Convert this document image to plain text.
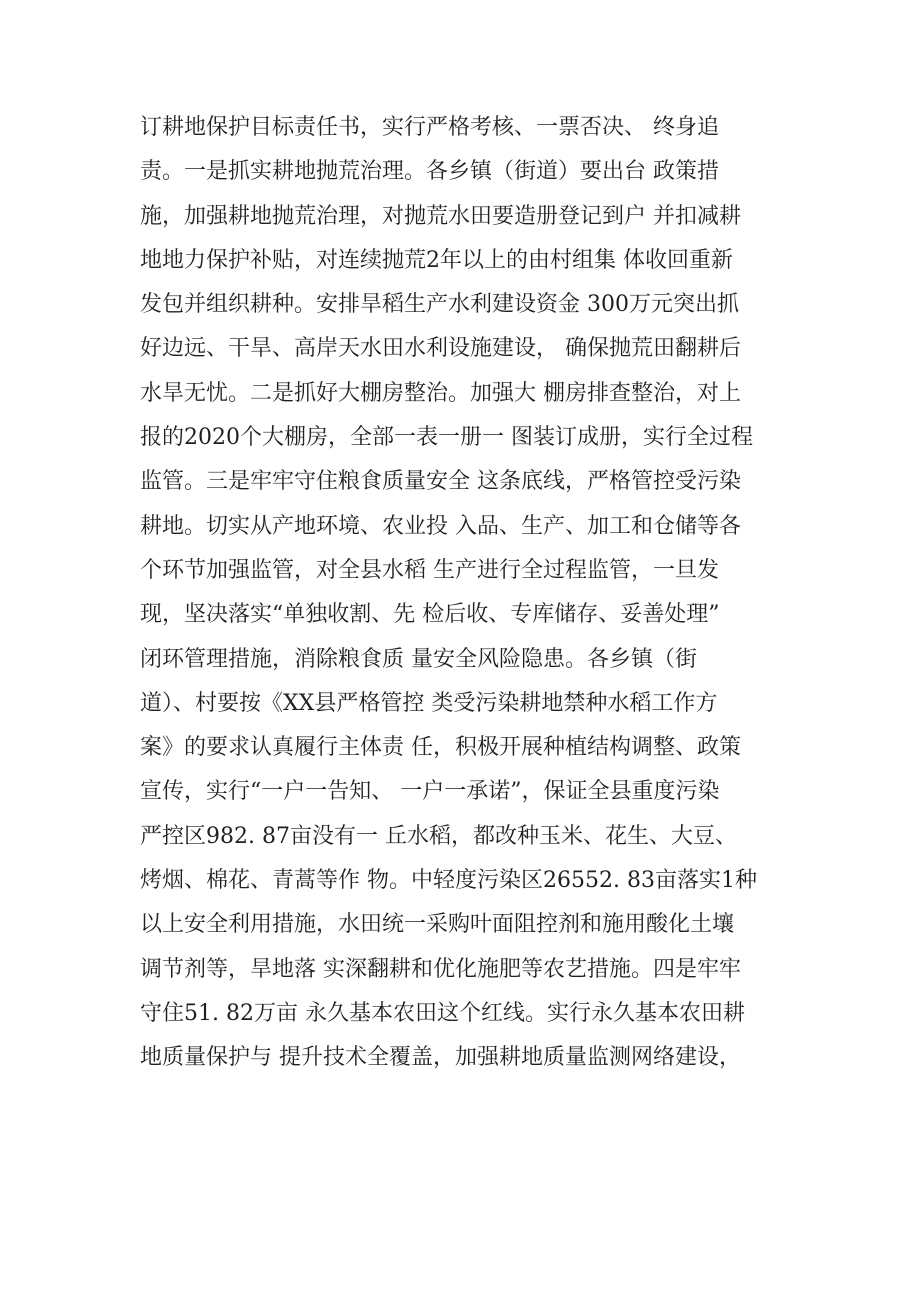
订耕地保护目标责任书，实行严格考核、一票否决、 终身追
责。一是抓实耕地抛荒治理。各乡镇（街道）要出台 政策措
施，加强耕地抛荒治理，对抛荒水田要造册登记到户 并扣减耕
地地力保护补贴，对连续抛荒2年以上的由村组集 体收回重新
发包并组织耕种。安排旱稻生产水利建设资金 300万元突出抓
好边远、干旱、高岸天水田水利设施建设， 确保抛荒田翻耕后
水旱无忧。二是抓好大棚房整治。加强大 棚房排查整治，对上
报的2020个大棚房，全部一表一册一 图装订成册，实行全过程
监管。三是牢牢守住粮食质量安全 这条底线，严格管控受污染
耕地。切实从产地环境、农业投 入品、生产、加工和仓储等各
个环节加强监管，对全县水稻 生产进行全过程监管，一旦发
现，坚决落实“单独收割、先 检后收、专库储存、妥善处理”
闭环管理措施，消除粮食质 量安全风险隐患。各乡镇（街
道）、村要按《XX县严格管控 类受污染耕地禁种水稻工作方
案》的要求认真履行主体责 任，积极开展种植结构调整、政策
宣传，实行“一户一告知、 一户一承诺”，保证全县重度污染
严控区982. 87亩没有一 丘水稻，都改种玉米、花生、大豆、
烤烟、棉花、青蒿等作 物。中轻度污染区26552. 83亩落实1种
以上安全利用措施，水田统一采购叶面阻控剂和施用酸化土壤
调节剂等，旱地落 实深翻耕和优化施肥等农艺措施。四是牢牢
守住51. 82万亩 永久基本农田这个红线。实行永久基本农田耕
地质量保护与 提升技术全覆盖，加强耕地质量监测网络建设，
